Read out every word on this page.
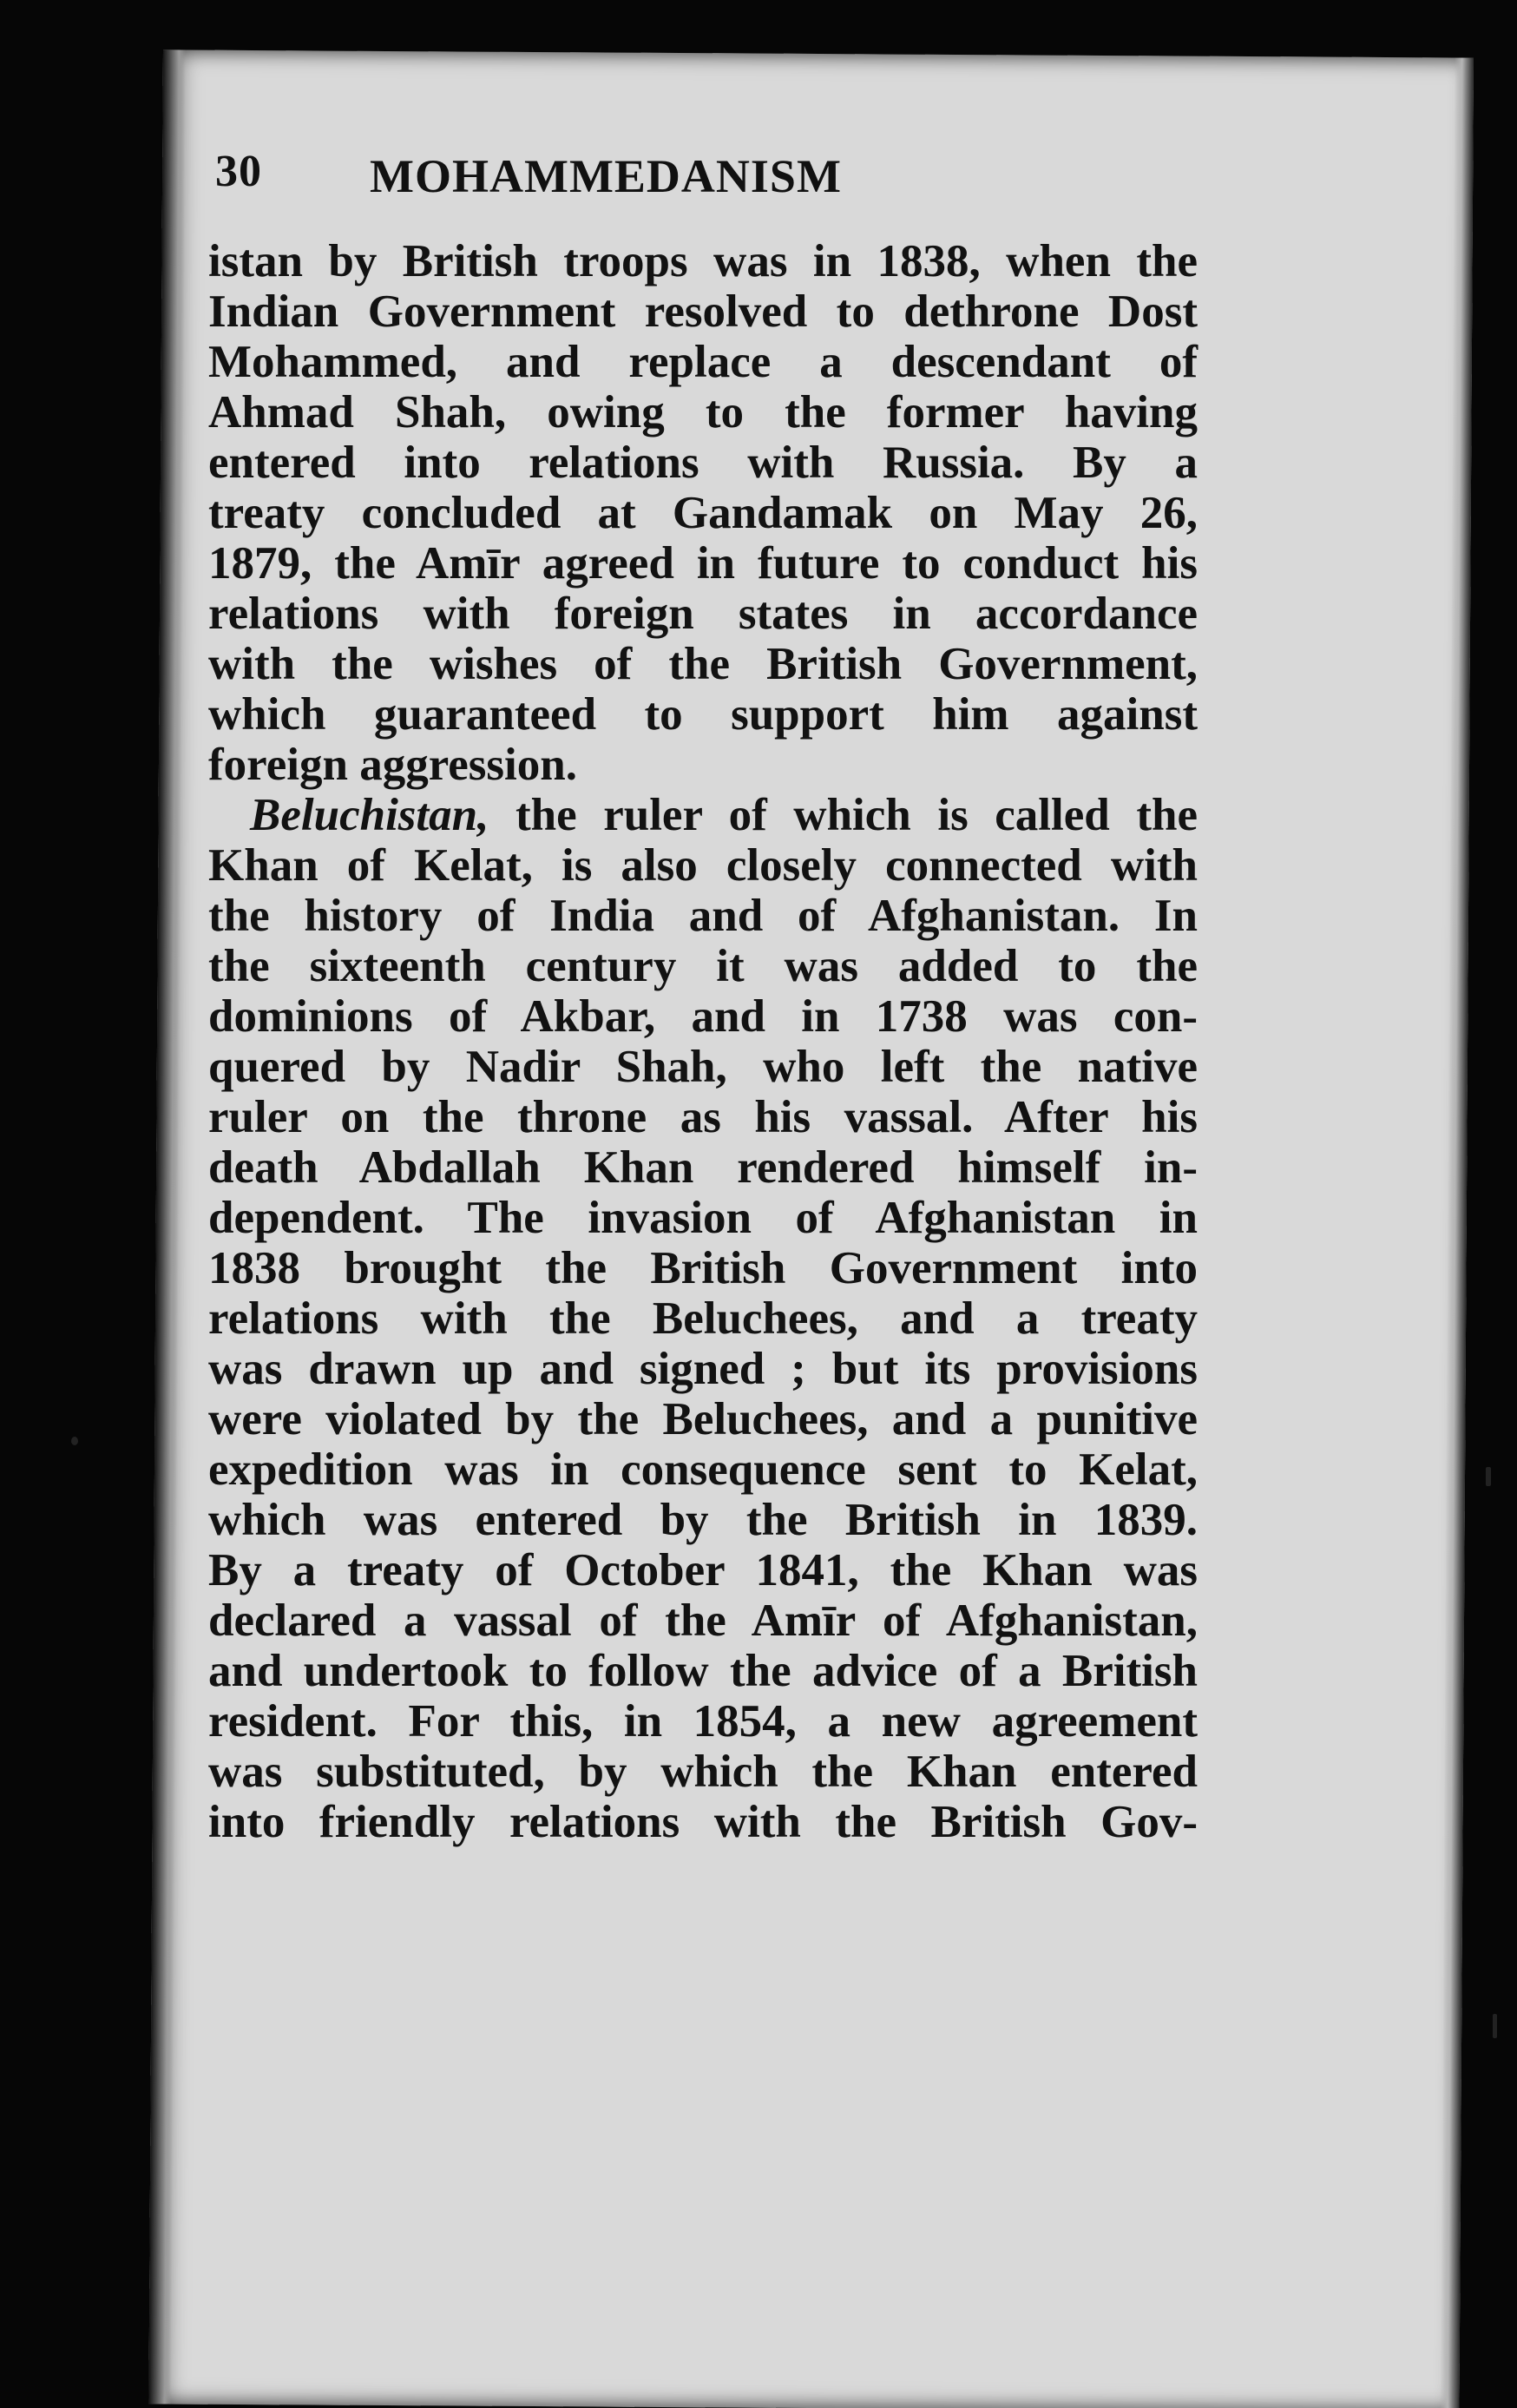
30 MOHAMMEDANISM
istan by British troops was in 1838, when the
Indian Government resolved to dethrone Dost
Mohammed, and replace a descendant of
Ahmad Shah, owing to the former having
entered into relations with Russia. By a
treaty concluded at Gandamak on May 26,
1879, the Amīr agreed in future to conduct his
relations with foreign states in accordance
with the wishes of the British Government,
which guaranteed to support him against
foreign aggression.
Beluchistan, the ruler of which is called the
Khan of Kelat, is also closely connected with
the history of India and of Afghanistan. In
the sixteenth century it was added to the
dominions of Akbar, and in 1738 was con-
quered by Nadir Shah, who left the native
ruler on the throne as his vassal. After his
death Abdallah Khan rendered himself in-
dependent. The invasion of Afghanistan in
1838 brought the British Government into
relations with the Beluchees, and a treaty
was drawn up and signed ; but its provisions
were violated by the Beluchees, and a punitive
expedition was in consequence sent to Kelat,
which was entered by the British in 1839.
By a treaty of October 1841, the Khan was
declared a vassal of the Amīr of Afghanistan,
and undertook to follow the advice of a British
resident. For this, in 1854, a new agreement
was substituted, by which the Khan entered
into friendly relations with the British Gov-
